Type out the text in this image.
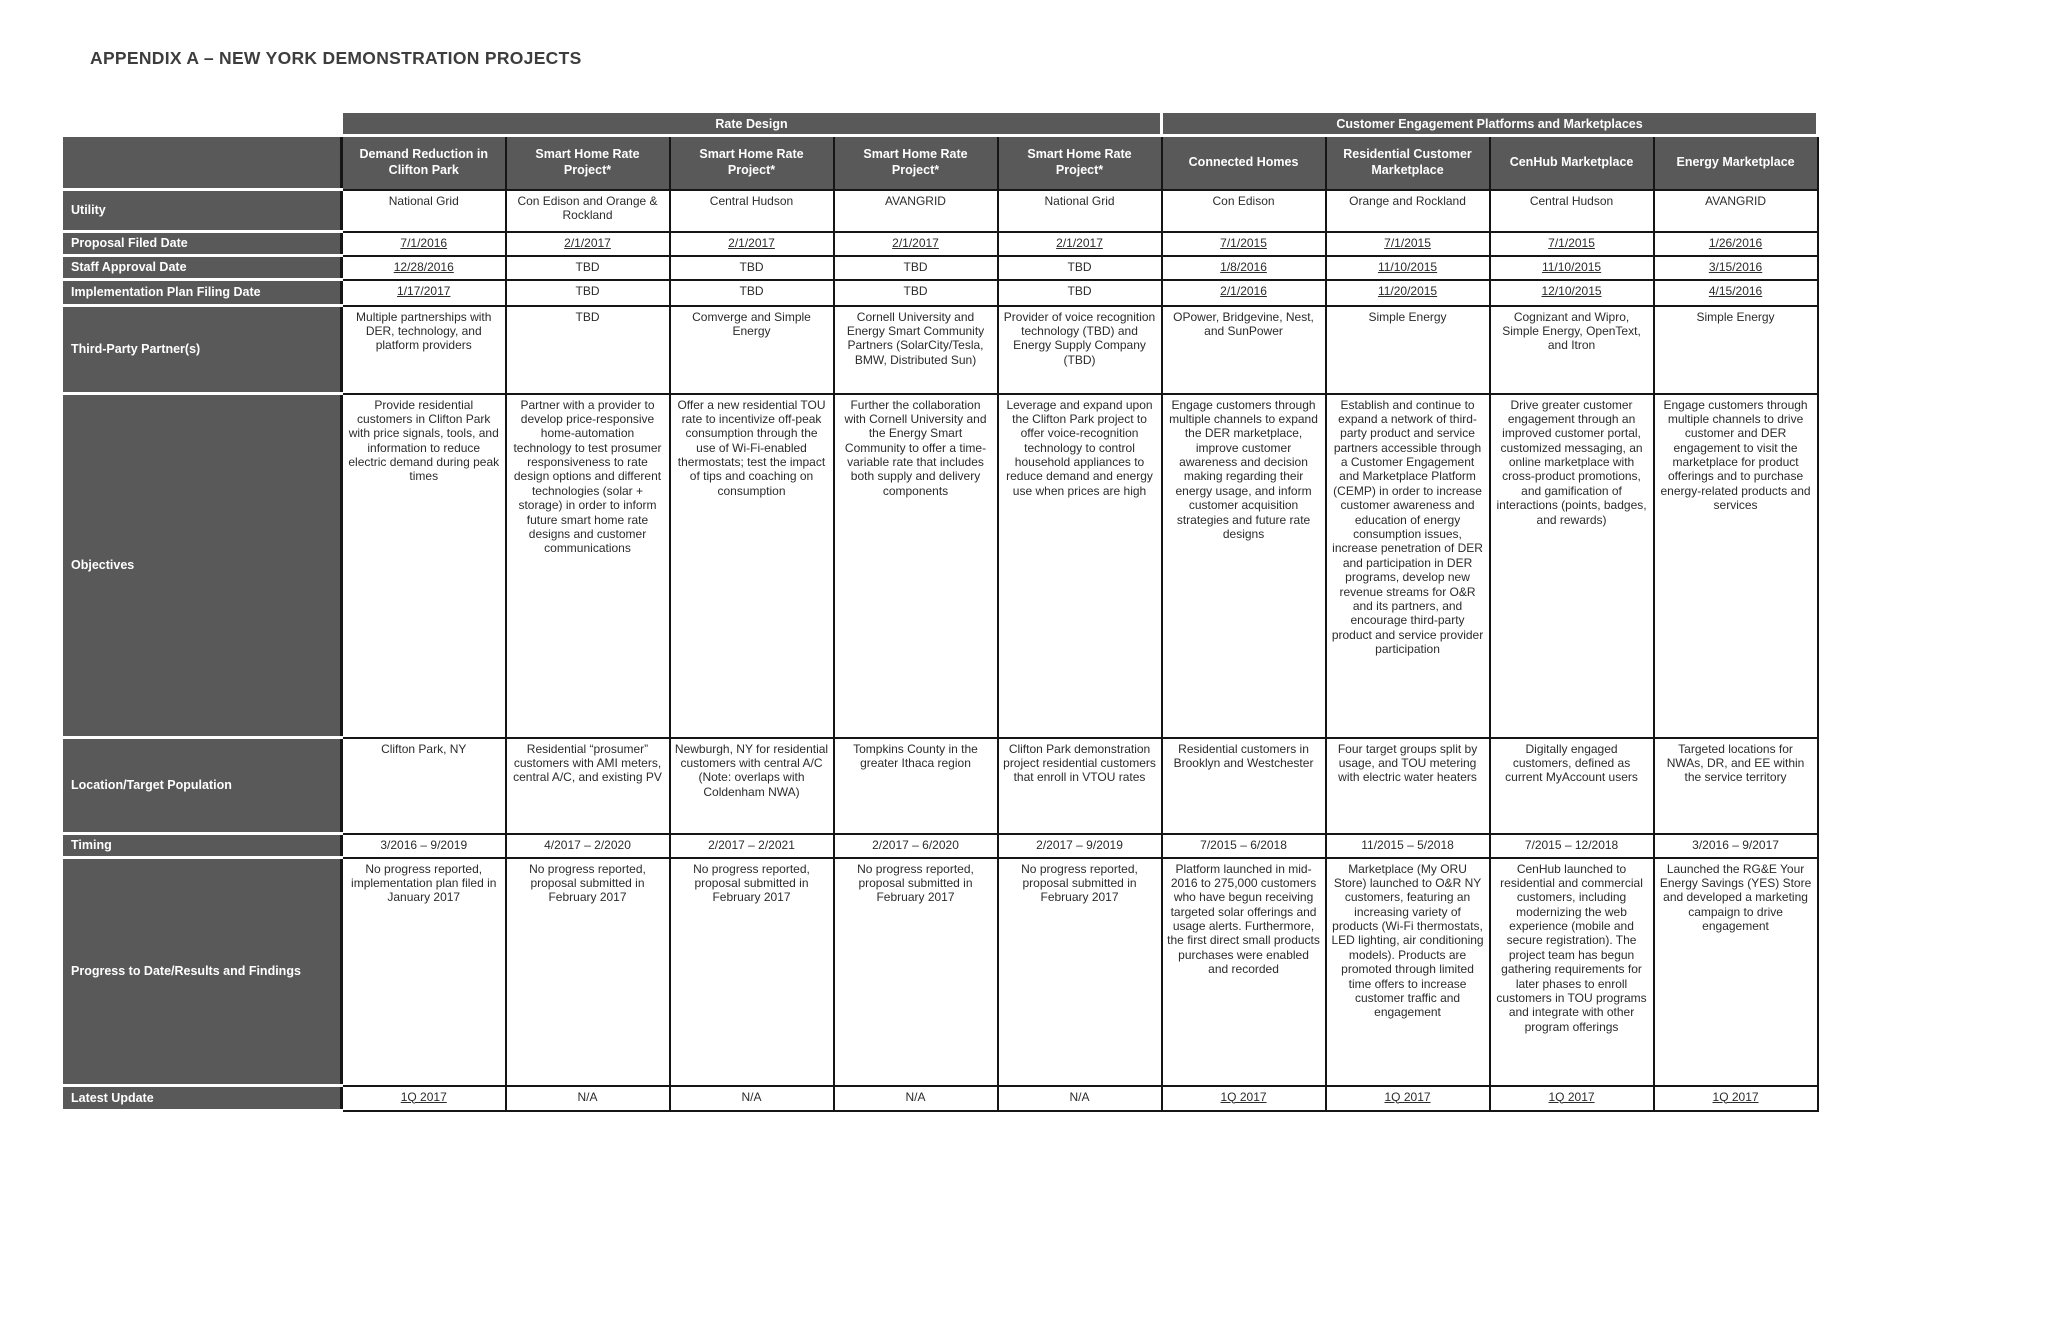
APPENDIX A – NEW YORK DEMONSTRATION PROJECTS
	Rate Design					Customer Engagement Platforms and Marketplaces			
	Demand Reduction in Clifton Park	Smart Home Rate Project*	Smart Home Rate Project*	Smart Home Rate Project*	Smart Home Rate Project*	Connected Homes	Residential Customer Marketplace	CenHub Marketplace	Energy Marketplace
Utility	National Grid	Con Edison and Orange & Rockland	Central Hudson	AVANGRID	National Grid	Con Edison	Orange and Rockland	Central Hudson	AVANGRID
Proposal Filed Date	7/1/2016	2/1/2017	2/1/2017	2/1/2017	2/1/2017	7/1/2015	7/1/2015	7/1/2015	1/26/2016
Staff Approval Date	12/28/2016	TBD	TBD	TBD	TBD	1/8/2016	11/10/2015	11/10/2015	3/15/2016
Implementation Plan Filing Date	1/17/2017	TBD	TBD	TBD	TBD	2/1/2016	11/20/2015	12/10/2015	4/15/2016
Third-Party Partner(s)	Multiple partnerships with DER, technology, and platform providers	TBD	Comverge and Simple Energy	Cornell University and Energy Smart Community Partners (SolarCity/Tesla, BMW, Distributed Sun)	Provider of voice recognition technology (TBD) and Energy Supply Company (TBD)	OPower, Bridgevine, Nest, and SunPower	Simple Energy	Cognizant and Wipro, Simple Energy, OpenText, and Itron	Simple Energy
Objectives	Provide residential customers in Clifton Park with price signals, tools, and information to reduce electric demand during peak times	Partner with a provider to develop price-responsive home-automation technology to test prosumer responsiveness to rate design options and different technologies (solar + storage) in order to inform future smart home rate designs and customer communications	Offer a new residential TOU rate to incentivize off-peak consumption through the use of Wi-Fi-enabled thermostats; test the impact of tips and coaching on consumption	Further the collaboration with Cornell University and the Energy Smart Community to offer a time-variable rate that includes both supply and delivery components	Leverage and expand upon the Clifton Park project to offer voice-recognition technology to control household appliances to reduce demand and energy use when prices are high	Engage customers through multiple channels to expand the DER marketplace, improve customer awareness and decision making regarding their energy usage, and inform customer acquisition strategies and future rate designs	Establish and continue to expand a network of third-party product and service partners accessible through a Customer Engagement and Marketplace Platform (CEMP) in order to increase customer awareness and education of energy consumption issues, increase penetration of DER and participation in DER programs, develop new revenue streams for O&R and its partners, and encourage third-party product and service provider participation	Drive greater customer engagement through an improved customer portal, customized messaging, an online marketplace with cross-product promotions, and gamification of interactions (points, badges, and rewards)	Engage customers through multiple channels to drive customer and DER engagement to visit the marketplace for product offerings and to purchase energy-related products and services
Location/Target Population	Clifton Park, NY	Residential “prosumer” customers with AMI meters, central A/C, and existing PV	Newburgh, NY for residential customers with central A/C (Note: overlaps with Coldenham NWA)	Tompkins County in the greater Ithaca region	Clifton Park demonstration project residential customers that enroll in VTOU rates	Residential customers in Brooklyn and Westchester	Four target groups split by usage, and TOU metering with electric water heaters	Digitally engaged customers, defined as current MyAccount users	Targeted locations for NWAs, DR, and EE within the service territory
Timing	3/2016 – 9/2019	4/2017 – 2/2020	2/2017 – 2/2021	2/2017 – 6/2020	2/2017 – 9/2019	7/2015 – 6/2018	11/2015 – 5/2018	7/2015 – 12/2018	3/2016 – 9/2017
Progress to Date/Results and Findings	No progress reported, implementation plan filed in January 2017	No progress reported, proposal submitted in February 2017	No progress reported, proposal submitted in February 2017	No progress reported, proposal submitted in February 2017	No progress reported, proposal submitted in February 2017	Platform launched in mid-2016 to 275,000 customers who have begun receiving targeted solar offerings and usage alerts. Furthermore, the first direct small products purchases were enabled and recorded	Marketplace (My ORU Store) launched to O&R NY customers, featuring an increasing variety of products (Wi-Fi thermostats, LED lighting, air conditioning models). Products are promoted through limited time offers to increase customer traffic and engagement	CenHub launched to residential and commercial customers, including modernizing the web experience (mobile and secure registration). The project team has begun gathering requirements for later phases to enroll customers in TOU programs and integrate with other program offerings	Launched the RG&E Your Energy Savings (YES) Store and developed a marketing campaign to drive engagement
Latest Update	1Q 2017	N/A	N/A	N/A	N/A	1Q 2017	1Q 2017	1Q 2017	1Q 2017
